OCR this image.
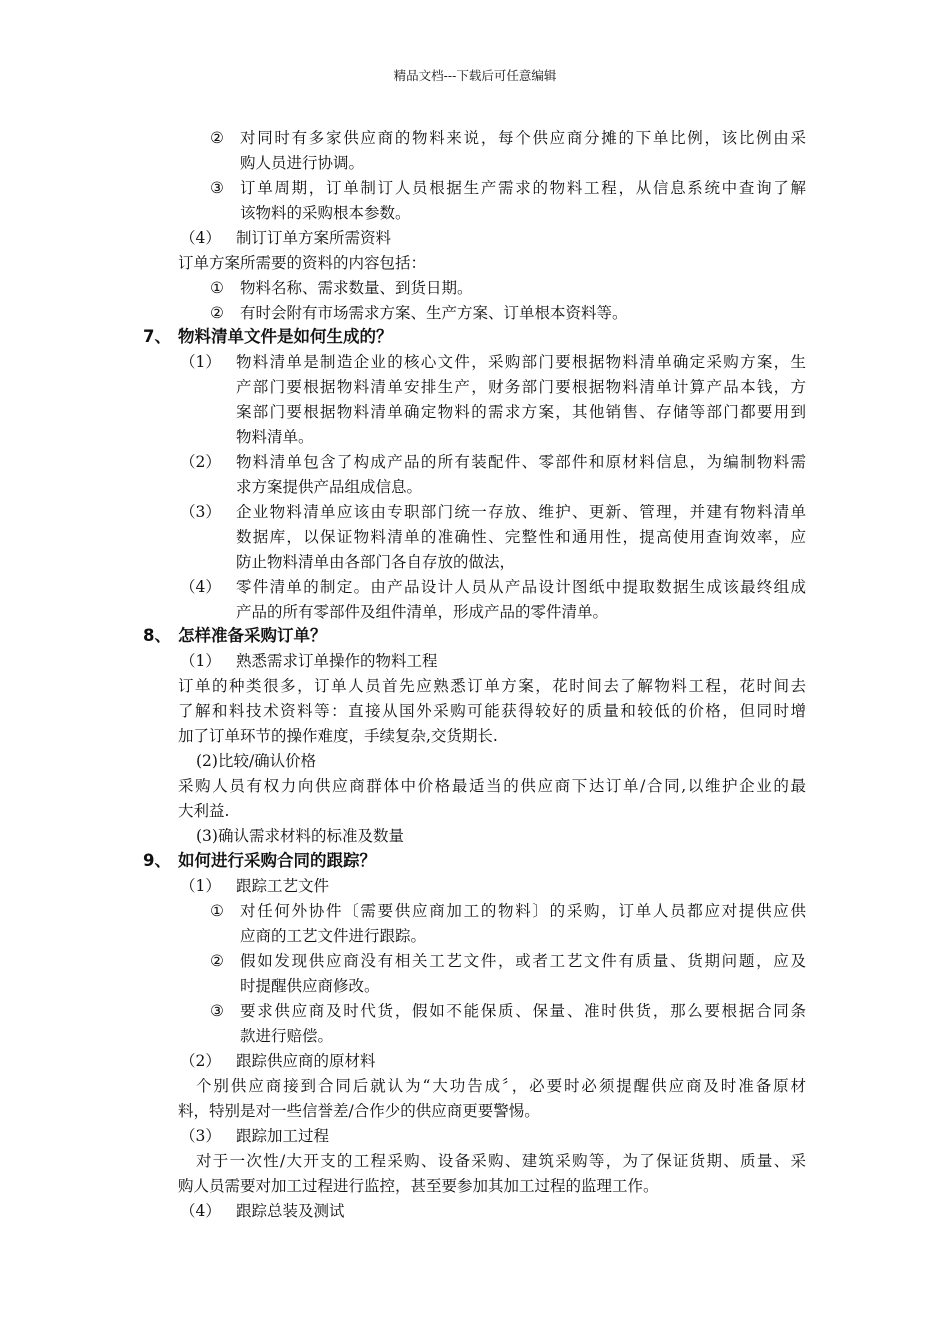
精品文档---下载后可任意编辑
② 对同时有多家供应商的物料来说，每个供应商分摊的下单比例，该比例由采
购人员进行协调。
③ 订单周期，订单制订人员根据生产需求的物料工程，从信息系统中查询了解
该物料的采购根本参数。
（4） 制订订单方案所需资料
订单方案所需要的资料的内容包括：
① 物料名称、需求数量、到货日期。
② 有时会附有市场需求方案、生产方案、订单根本资料等。
7、 物料清单文件是如何生成的？
（1） 物料清单是制造企业的核心文件，采购部门要根据物料清单确定采购方案，生
产部门要根据物料清单安排生产，财务部门要根据物料清单计算产品本钱，方
案部门要根据物料清单确定物料的需求方案，其他销售、存储等部门都要用到
物料清单。
（2） 物料清单包含了构成产品的所有装配件、零部件和原材料信息，为编制物料需
求方案提供产品组成信息。
（3） 企业物料清单应该由专职部门统一存放、维护、更新、管理，并建有物料清单
数据库，以保证物料清单的准确性、完整性和通用性，提高使用查询效率，应
防止物料清单由各部门各自存放的做法，
（4） 零件清单的制定。由产品设计人员从产品设计图纸中提取数据生成该最终组成
产品的所有零部件及组件清单，形成产品的零件清单。
8、 怎样准备采购订单？
（1） 熟悉需求订单操作的物料工程
订单的种类很多，订单人员首先应熟悉订单方案，花时间去了解物料工程，花时间去
了解和料技术资料等：直接从国外采购可能获得较好的质量和较低的价格，但同时增
加了订单环节的操作难度，手续复杂,交货期长.
(2)比较/确认价格
采购人员有权力向供应商群体中价格最适当的供应商下达订单/合同,以维护企业的最
大利益.
(3)确认需求材料的标准及数量
9、 如何进行采购合同的跟踪？
（1） 跟踪工艺文件
① 对任何外协件〔需要供应商加工的物料〕的采购，订单人员都应对提供应供
应商的工艺文件进行跟踪。
② 假如发现供应商没有相关工艺文件，或者工艺文件有质量、货期问题，应及
时提醒供应商修改。
③ 要求供应商及时代货，假如不能保质、保量、准时供货，那么要根据合同条
款进行赔偿。
（2） 跟踪供应商的原材料
个别供应商接到合同后就认为“大功告成〞，必要时必须提醒供应商及时准备原材
料，特别是对一些信誉差/合作少的供应商更要警惕。
（3） 跟踪加工过程
对于一次性/大开支的工程采购、设备采购、建筑采购等，为了保证货期、质量、采
购人员需要对加工过程进行监控，甚至要参加其加工过程的监理工作。
（4） 跟踪总装及测试
